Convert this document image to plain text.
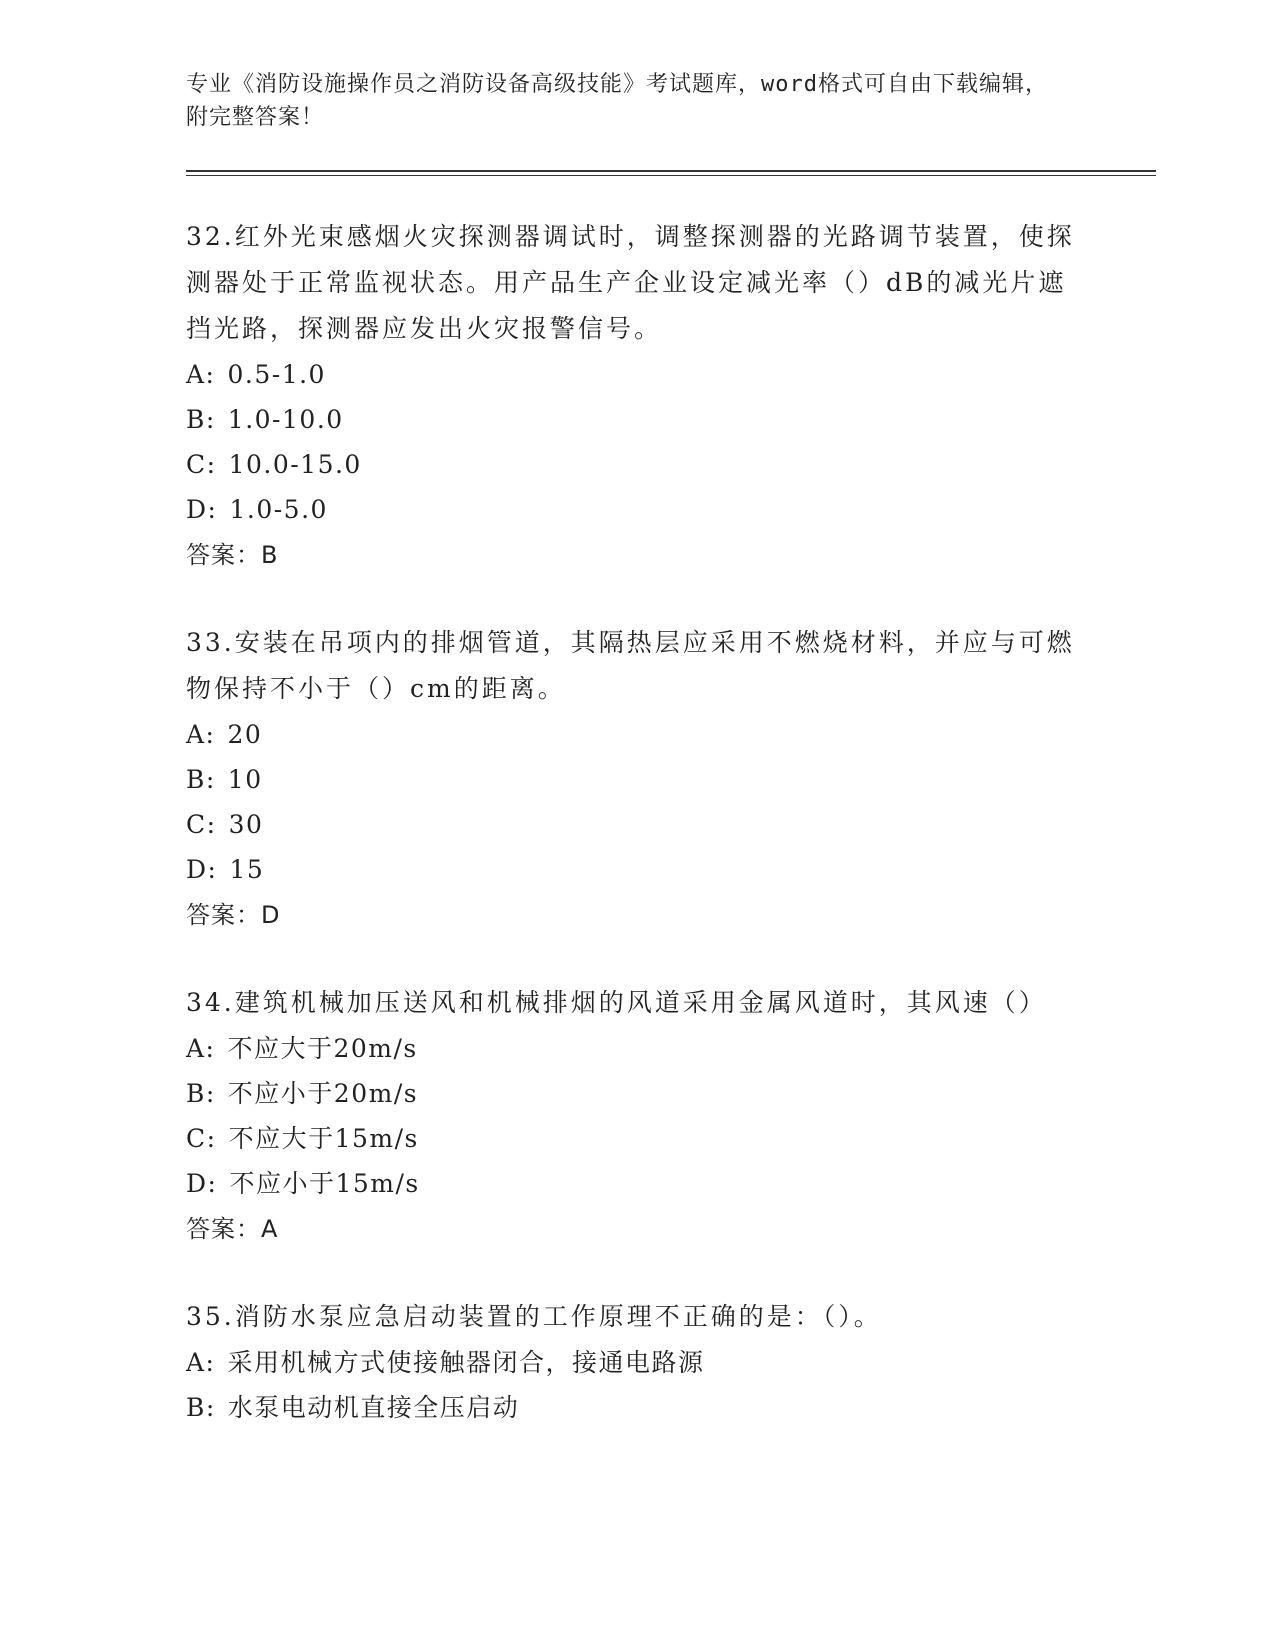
专业《消防设施操作员之消防设备高级技能》考试题库，word格式可自由下载编辑，附完整答案！
32.红外光束感烟火灾探测器调试时，调整探测器的光路调节装置，使探测器处于正常监视状态。用产品生产企业设定减光率（）dB的减光片遮挡光路，探测器应发出火灾报警信号。
A: 0.5-1.0
B: 1.0-10.0
C: 10.0-15.0
D: 1.0-5.0
答案：B
33.安装在吊项内的排烟管道，其隔热层应采用不燃烧材料，并应与可燃物保持不小于（）cm的距离。
A: 20
B: 10
C: 30
D: 15
答案：D
34.建筑机械加压送风和机械排烟的风道采用金属风道时，其风速（）
A: 不应大于20m/s
B: 不应小于20m/s
C: 不应大于15m/s
D: 不应小于15m/s
答案：A
35.消防水泵应急启动装置的工作原理不正确的是：（）。
A: 采用机械方式使接触器闭合，接通电路源
B: 水泵电动机直接全压启动
